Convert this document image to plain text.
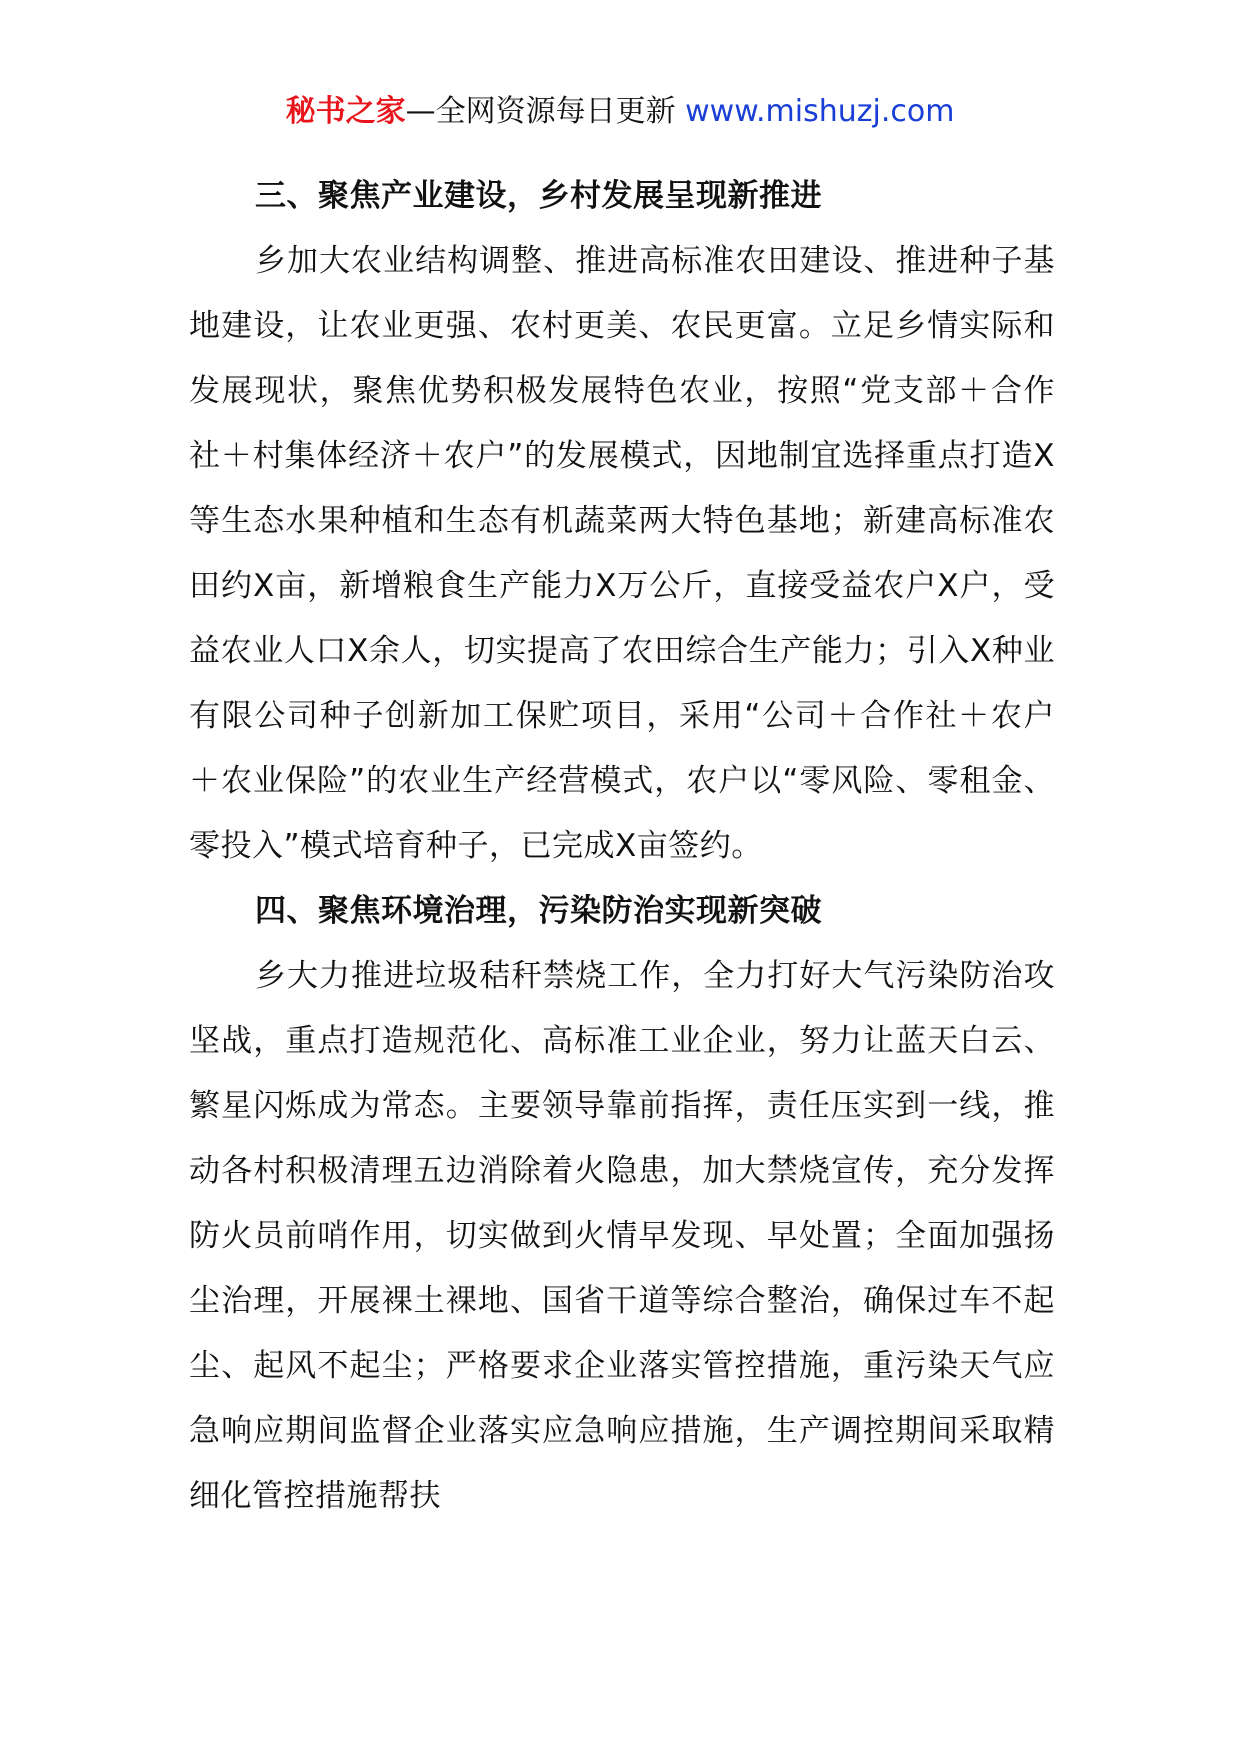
秘书之家—全网资源每日更新 www.mishuzj.com

三、聚焦产业建设，乡村发展呈现新推进

乡加大农业结构调整、推进高标准农田建设、推进种子基地建设，让农业更强、农村更美、农民更富。立足乡情实际和发展现状，聚焦优势积极发展特色农业，按照“党支部＋合作社＋村集体经济＋农户”的发展模式，因地制宜选择重点打造X等生态水果种植和生态有机蔬菜两大特色基地；新建高标准农田约X亩，新增粮食生产能力X万公斤，直接受益农户X户，受益农业人口X余人，切实提高了农田综合生产能力；引入X种业有限公司种子创新加工保贮项目，采用“公司＋合作社＋农户＋农业保险”的农业生产经营模式，农户以“零风险、零租金、零投入”模式培育种子，已完成X亩签约。

四、聚焦环境治理，污染防治实现新突破

乡大力推进垃圾秸秆禁烧工作，全力打好大气污染防治攻坚战，重点打造规范化、高标准工业企业，努力让蓝天白云、繁星闪烁成为常态。主要领导靠前指挥，责任压实到一线，推动各村积极清理五边消除着火隐患，加大禁烧宣传，充分发挥防火员前哨作用，切实做到火情早发现、早处置；全面加强扬尘治理，开展裸土裸地、国省干道等综合整治，确保过车不起尘、起风不起尘；严格要求企业落实管控措施，重污染天气应急响应期间监督企业落实应急响应措施，生产调控期间采取精细化管控措施帮扶
